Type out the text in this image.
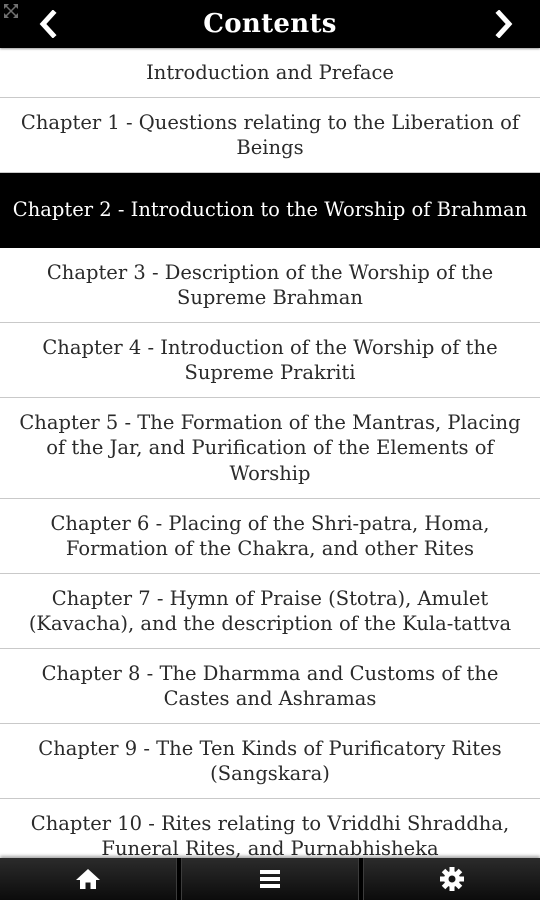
Contents
Introduction and Preface
Chapter 1 - Questions relating to the Liberation of Beings
Chapter 2 - Introduction to the Worship of Brahman
Chapter 3 - Description of the Worship of the Supreme Brahman
Chapter 4 - Introduction of the Worship of the Supreme Prakriti
Chapter 5 - The Formation of the Mantras, Placing of the Jar, and Purification of the Elements of Worship
Chapter 6 - Placing of the Shri-patra, Homa, Formation of the Chakra, and other Rites
Chapter 7 - Hymn of Praise (Stotra), Amulet (Kavacha), and the description of the Kula-tattva
Chapter 8 - The Dharmma and Customs of the Castes and Ashramas
Chapter 9 - The Ten Kinds of Purificatory Rites (Sangskara)
Chapter 10 - Rites relating to Vriddhi Shraddha, Funeral Rites, and Purnabhisheka
